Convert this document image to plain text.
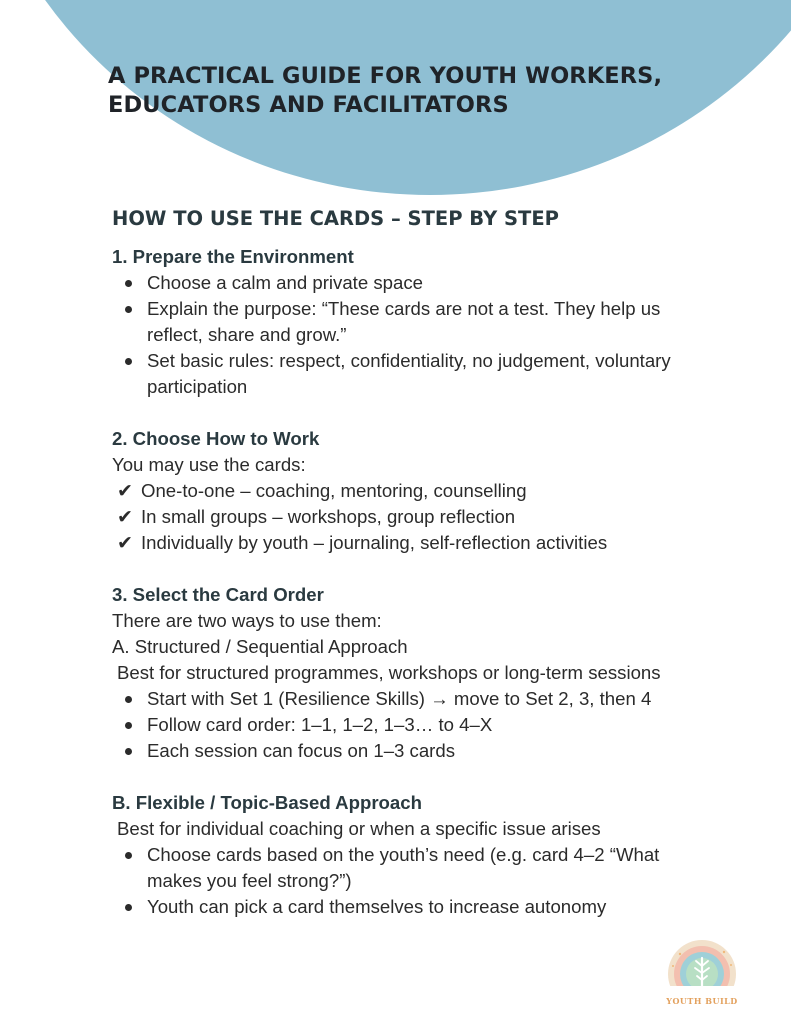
A PRACTICAL GUIDE FOR YOUTH WORKERS, EDUCATORS AND FACILITATORS
HOW TO USE THE CARDS – STEP BY STEP
1. Prepare the Environment
Choose a calm and private space
Explain the purpose: “These cards are not a test. They help us reflect, share and grow.”
Set basic rules: respect, confidentiality, no judgement, voluntary participation
2. Choose How to Work

You may use the cards:

✔ One-to-one – coaching, mentoring, counselling

✔ In small groups – workshops, group reflection

✔ Individually by youth – journaling, self-reflection activities

3. Select the Card Order

There are two ways to use them:

A. Structured / Sequential Approach

Best for structured programmes, workshops or long-term sessions

Start with Set 1 (Resilience Skills) → move to Set 2, 3, then 4
Follow card order: 1–1, 1–2, 1–3… to 4–X
Each session can focus on 1–3 cards
B. Flexible / Topic-Based Approach

Best for individual coaching or when a specific issue arises

Choose cards based on the youth’s need (e.g. card 4–2 “What makes you feel strong?”)
Youth can pick a card themselves to increase autonomy
YOUTH BUILD
